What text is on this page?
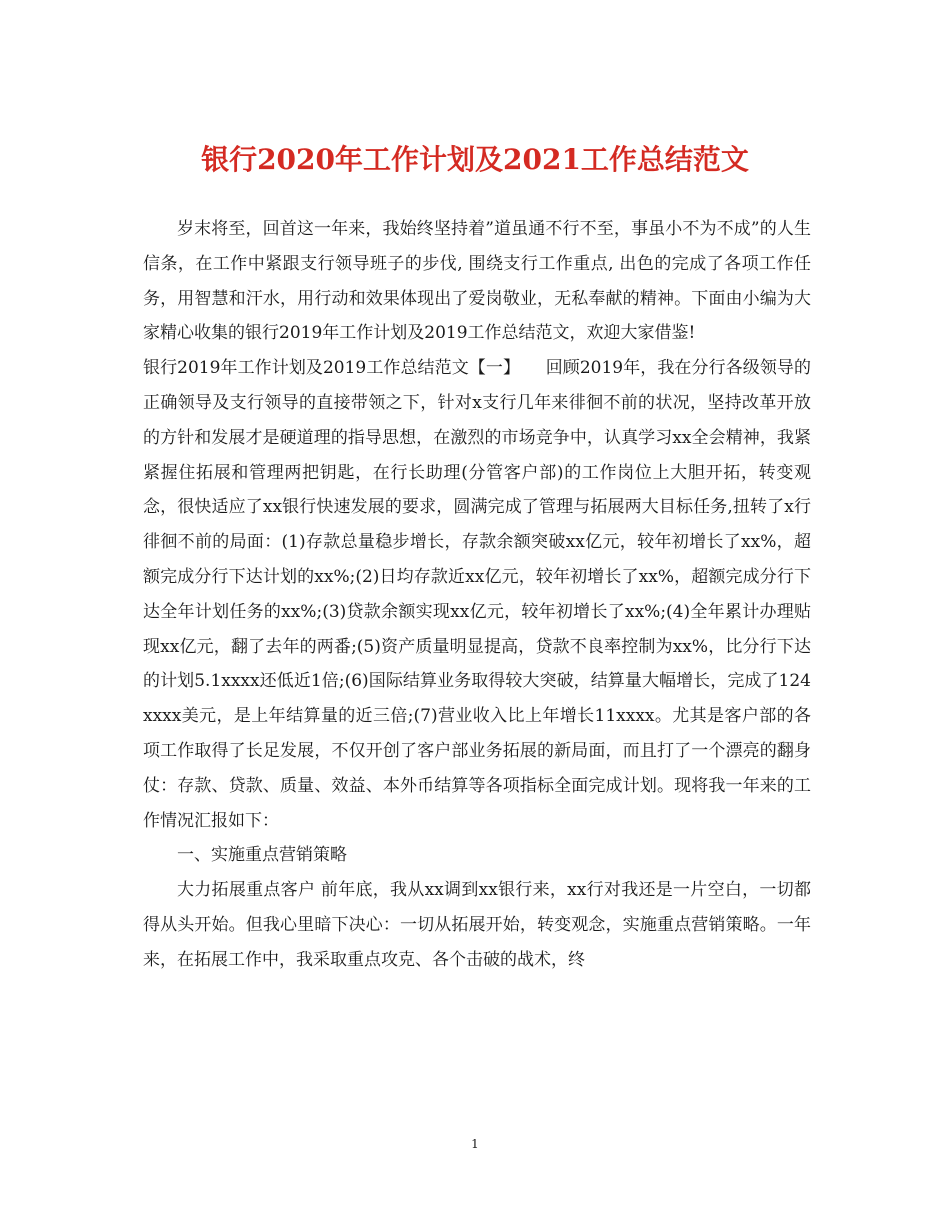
银行2020年工作计划及2021工作总结范文

岁末将至，回首这一年来，我始终坚持着”道虽通不行不至，事虽小不为不成”的人生信条，在工作中紧跟支行领导班子的步伐, 围绕支行工作重点, 出色的完成了各项工作任务，用智慧和汗水，用行动和效果体现出了爱岗敬业，无私奉献的精神。下面由小编为大家精心收集的银行2019年工作计划及2019工作总结范文，欢迎大家借鉴!

银行2019年工作计划及2019工作总结范文【一】　　回顾2019年，我在分行各级领导的正确领导及支行领导的直接带领之下，针对x支行几年来徘徊不前的状况，坚持改革开放的方针和发展才是硬道理的指导思想，在激烈的市场竞争中，认真学习xx全会精神，我紧紧握住拓展和管理两把钥匙，在行长助理(分管客户部)的工作岗位上大胆开拓，转变观念，很快适应了xx银行快速发展的要求，圆满完成了管理与拓展两大目标任务,扭转了x行徘徊不前的局面：(1)存款总量稳步增长，存款余额突破xx亿元，较年初增长了xx%，超额完成分行下达计划的xx%;(2)日均存款近xx亿元，较年初增长了xx%，超额完成分行下达全年计划任务的xx%;(3)贷款余额实现xx亿元，较年初增长了xx%;(4)全年累计办理贴现xx亿元，翻了去年的两番;(5)资产质量明显提高，贷款不良率控制为xx%，比分行下达的计划5.1xxxx还低近1倍;(6)国际结算业务取得较大突破，结算量大幅增长，完成了124xxxx美元，是上年结算量的近三倍;(7)营业收入比上年增长11xxxx。尤其是客户部的各项工作取得了长足发展，不仅开创了客户部业务拓展的新局面，而且打了一个漂亮的翻身仗：存款、贷款、质量、效益、本外币结算等各项指标全面完成计划。现将我一年来的工作情况汇报如下：

一、实施重点营销策略

大力拓展重点客户 前年底，我从xx调到xx银行来，xx行对我还是一片空白，一切都得从头开始。但我心里暗下决心：一切从拓展开始，转变观念，实施重点营销策略。一年来，在拓展工作中，我采取重点攻克、各个击破的战术，终

1
